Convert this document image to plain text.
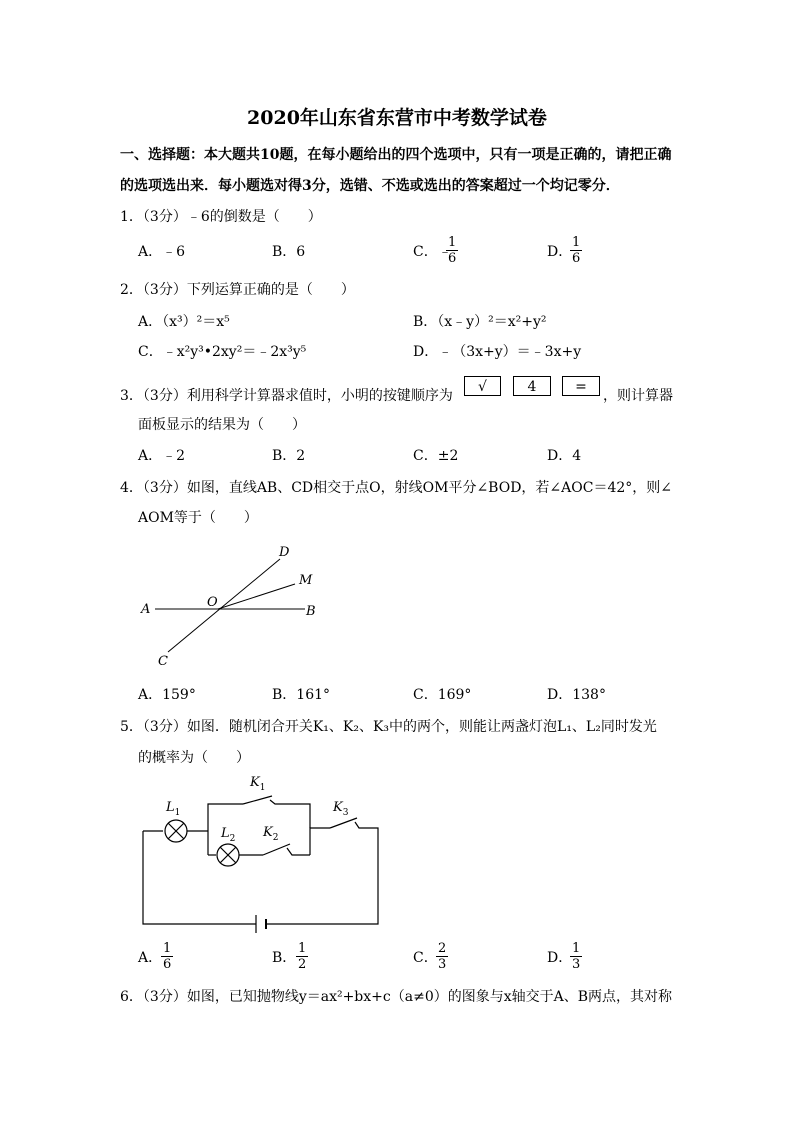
2020年山东省东营市中考数学试卷
一、选择题：本大题共10题，在每小题给出的四个选项中，只有一项是正确的，请把正确
的选项选出来．每小题选对得3分，选错、不选或选出的答案超过一个均记零分．
1．（3分）﹣6的倒数是（　　）
A．﹣6	B．6	C． ﹣
$\frac{1}{6}$	D．
$\frac{1}{6}$
2．（3分）下列运算正确的是（　　）
A．（x³）²＝x⁵	B．（x﹣y）²＝x²+y²
C．﹣x²y³•2xy²＝﹣2x³y⁵	D．﹣（3x+y）＝﹣3x+y
3．（3分）利用科学计算器求值时，小明的按键顺序为
√	4	=
，则计算器
面板显示的结果为（　　）
A．﹣2	B．2	C．±2	D．4
4．（3分）如图，直线AB、CD相交于点O，射线OM平分∠BOD，若∠AOC＝42°，则∠
AOM等于（　　）
D
M
A	O
B
C
A．159°	B．161°	C．169°	D．138°
5．（3分）如图．随机闭合开关K₁、K₂、K₃中的两个，则能让两盏灯泡L₁、L₂同时发光
的概率为（　　）
$K_1$
$K_2$
$K_3$
$L_1$
$L_2$
A．
$\frac{1}{6}$	B． $\frac{1}{2}$	C．
$\frac{2}{3}$	D．
$\frac{1}{3}$
6．（3分）如图，已知抛物线y＝ax²+bx+c（a≠0）的图象与x轴交于A、B两点，其对称
